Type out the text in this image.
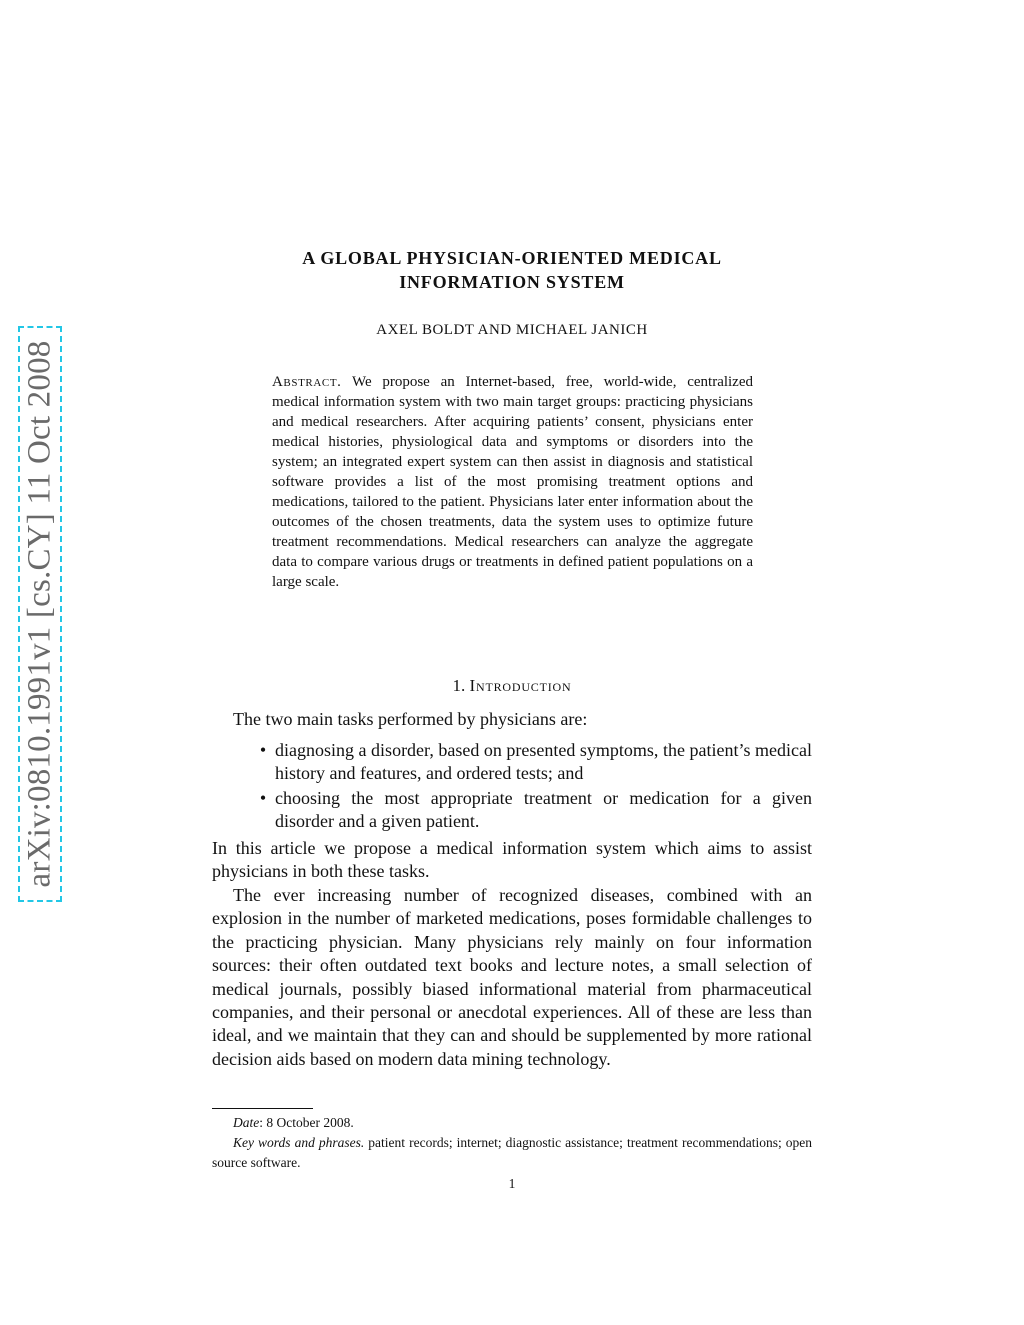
arXiv:0810.1991v1 [cs.CY] 11 Oct 2008
A GLOBAL PHYSICIAN-ORIENTED MEDICAL
INFORMATION SYSTEM
AXEL BOLDT AND MICHAEL JANICH

Abstract. We propose an Internet-based, free, world-wide, centralized medical information system with two main target groups: practicing physicians and medical researchers. After acquiring patients’ consent, physicians enter medical histories, physiological data and symptoms or disorders into the system; an integrated expert system can then assist in diagnosis and statistical software provides a list of the most promising treatment options and medications, tailored to the patient. Physicians later enter information about the outcomes of the chosen treatments, data the system uses to optimize future treatment recommendations. Medical researchers can analyze the aggregate data to compare various drugs or treatments in defined patient populations on a large scale.

1. Introduction

The two main tasks performed by physicians are:

• diagnosing a disorder, based on presented symptoms, the patient’s medical history and features, and ordered tests; and
• choosing the most appropriate treatment or medication for a given disorder and a given patient.

In this article we propose a medical information system which aims to assist physicians in both these tasks.

The ever increasing number of recognized diseases, combined with an explosion in the number of marketed medications, poses formidable challenges to the practicing physician. Many physicians rely mainly on four information sources: their often outdated text books and lecture notes, a small selection of medical journals, possibly biased informational material from pharmaceutical companies, and their personal or anecdotal experiences. All of these are less than ideal, and we maintain that they can and should be supplemented by more rational decision aids based on modern data mining technology.

Date: 8 October 2008.

Key words and phrases. patient records; internet; diagnostic assistance; treatment recommendations; open source software.

1
